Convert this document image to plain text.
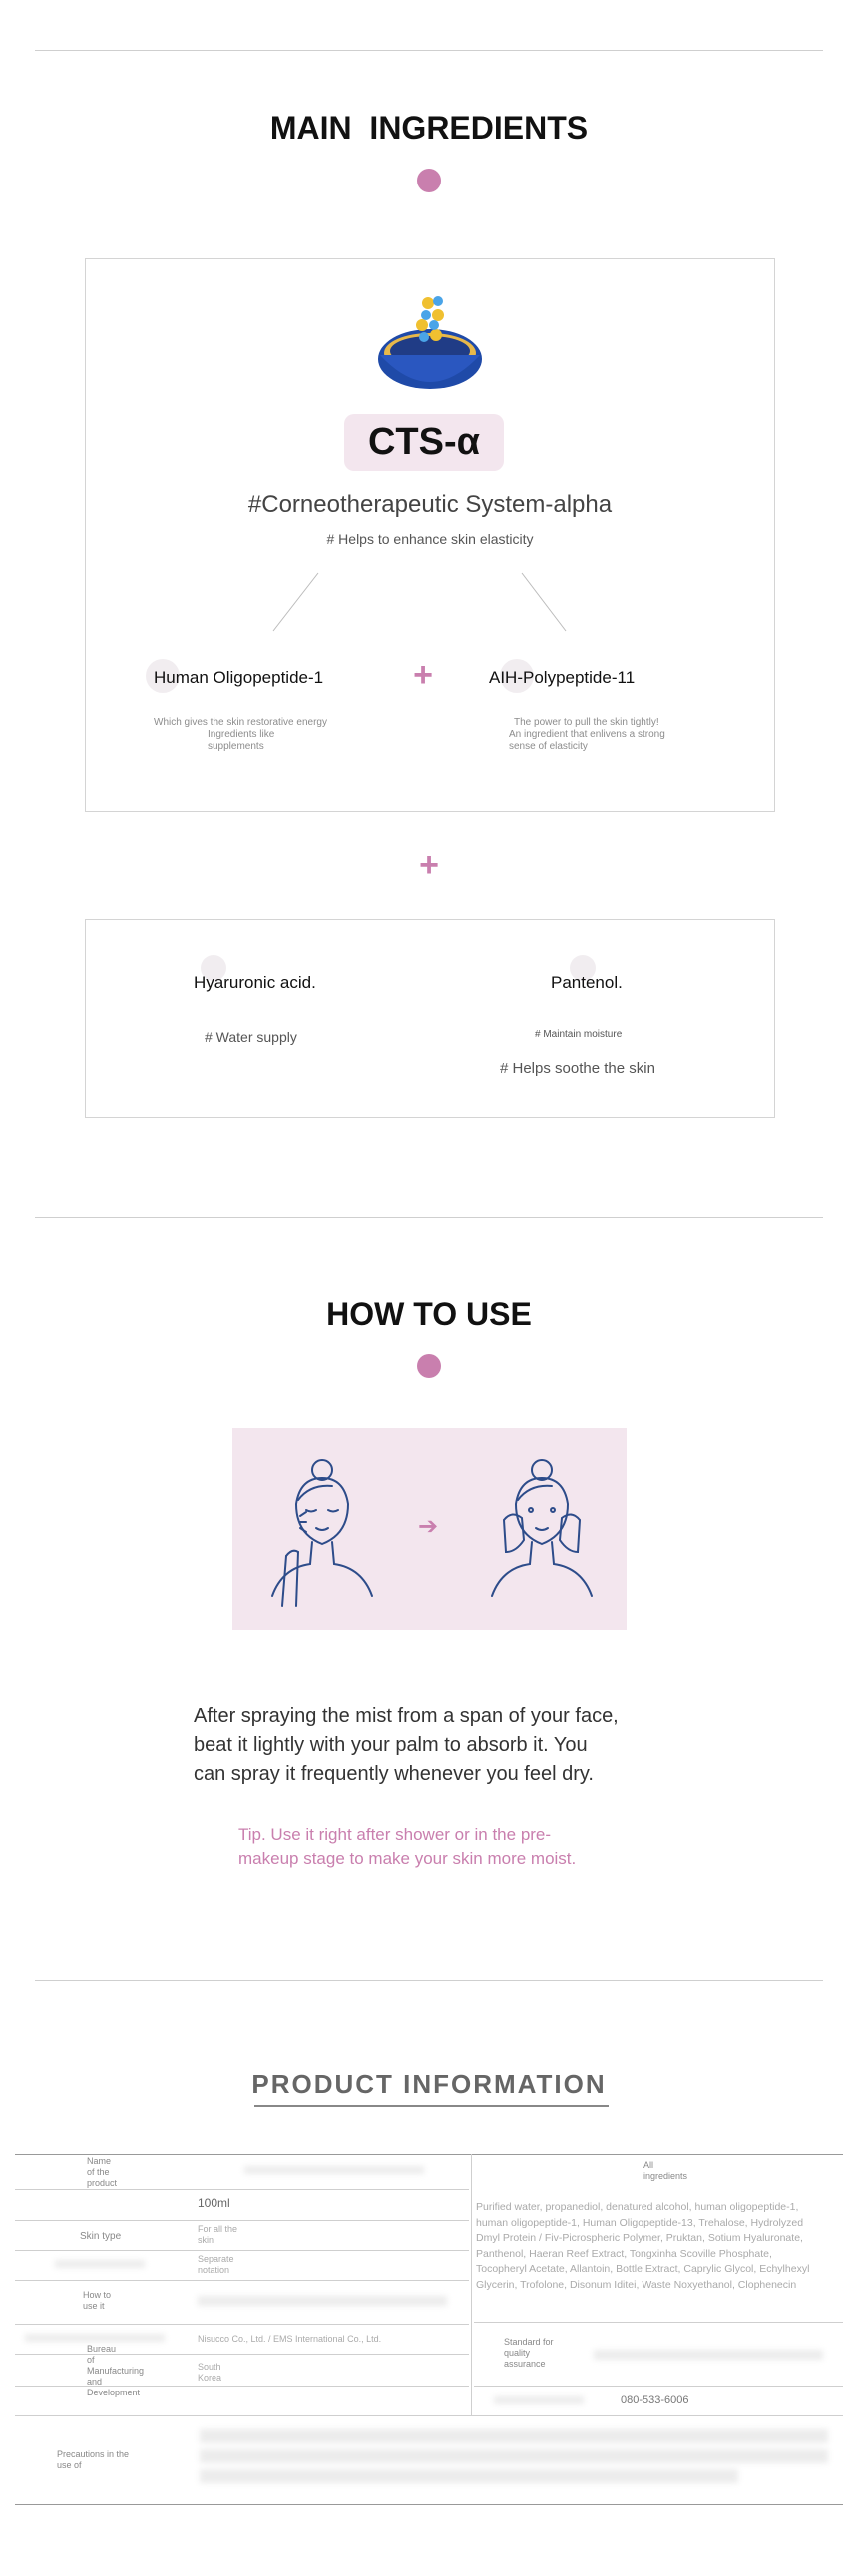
MAIN  INGREDIENTS
CTS-α
#Corneotherapeutic System-alpha
# Helps to enhance skin elasticity
Human Oligopeptide-1	+	AIH-Polypeptide-11
Which gives the skin restorative energy
Ingredients like
supplements
The power to pull the skin tightly!
An ingredient that enlivens a strong
sense of elasticity
+
Hyaruronic acid.
# Water supply
Pantenol.
# Maintain moisture
# Helps soothe the skin
HOW TO USE
➔
After spraying the mist from a span of your face,
beat it lightly with your palm to absorb it. You
can spray it frequently whenever you feel dry.
Tip. Use it right after shower or in the pre-
makeup stage to make your skin more moist.
PRODUCT INFORMATION
Name
of the
product
100ml
Skin type
For all the
skin
Separate
notation
How to
use it
Nisucco Co., Ltd. / EMS International Co., Ltd.
Bureau
of
Manufacturing
and
Development
South
Korea
Precautions in the
use of
All
ingredients
Purified water, propanediol, denatured alcohol, human oligopeptide-1,
human oligopeptide-1, Human Oligopeptide-13, Trehalose, Hydrolyzed
Dmyl Protein / Fiv-Picrospheric Polymer, Pruktan, Sotium Hyaluronate,
Panthenol, Haeran Reef Extract, Tongxinha Scoville Phosphate,
Tocopheryl Acetate, Allantoin, Bottle Extract, Caprylic Glycol, Echylhexyl
Glycerin, Trofolone, Disonum Iditei, Waste Noxyethanol, Clophenecin
Standard for
quality
assurance
080-533-6006
